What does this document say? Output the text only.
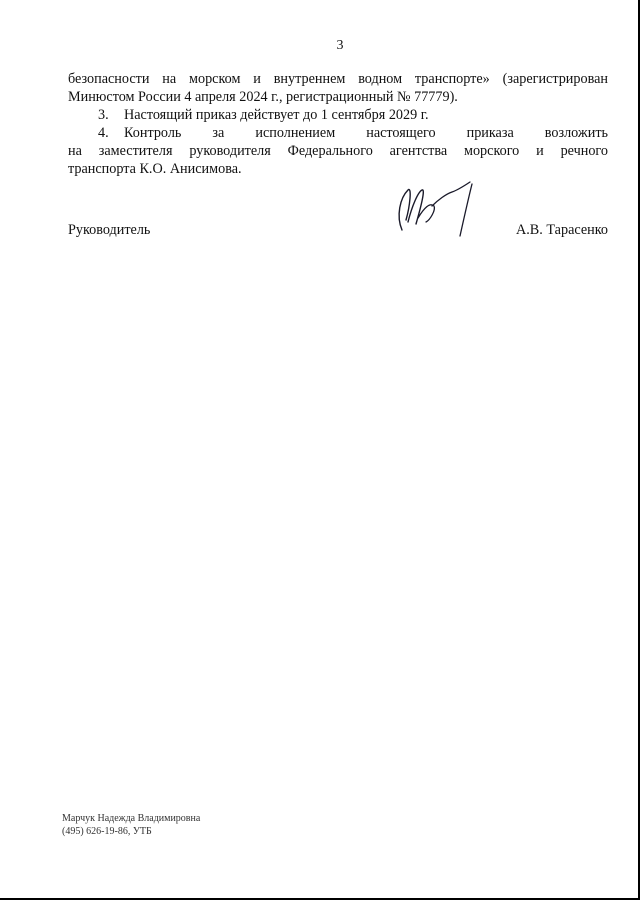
3

безопасности на морском и внутреннем водном транспорте» (зарегистрирован

Минюстом России 4 апреля 2024 г., регистрационный № 77779).

3. Настоящий приказ действует до 1 сентября 2029 г.

4. Контроль за исполнением настоящего приказа возложить

на заместителя руководителя Федерального агентства морского и речного

транспорта К.О. Анисимова.

Руководитель	А.В. Тарасенко
Марчук Надежда Владимировна
(495) 626-19-86, УТБ
